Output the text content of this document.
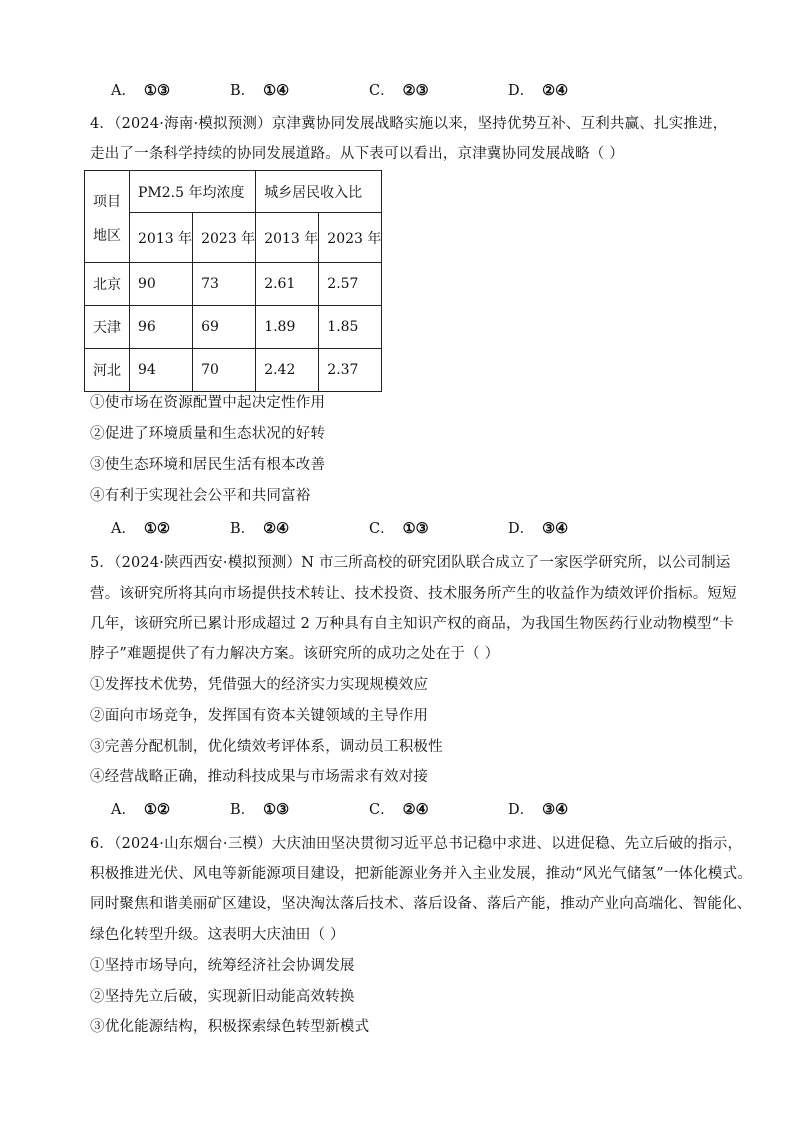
A． ①③	B． ①④	C． ②③	D． ②④
4．（2024·海南·模拟预测）京津冀协同发展战略实施以来，坚持优势互补、互利共赢、扎实推进，
走出了一条科学持续的协同发展道路。从下表可以看出，京津冀协同发展战略（ ）
项目
地区	PM2.5 年均浓度		城乡居民收入比	
	2013 年	2023 年	2013 年	2023 年
北京	90	73	2.61	2.57
天津	96	69	1.89	1.85
河北	94	70	2.42	2.37
①使市场在资源配置中起决定性作用
②促进了环境质量和生态状况的好转
③使生态环境和居民生活有根本改善
④有利于实现社会公平和共同富裕
A． ①②	B． ②④	C． ①③	D． ③④
5．（2024·陕西西安·模拟预测）N 市三所高校的研究团队联合成立了一家医学研究所，以公司制运
营。该研究所将其向市场提供技术转让、技术投资、技术服务所产生的收益作为绩效评价指标。短短
几年，该研究所已累计形成超过 2 万种具有自主知识产权的商品，为我国生物医药行业动物模型“卡
脖子”难题提供了有力解决方案。该研究所的成功之处在于（ ）
①发挥技术优势，凭借强大的经济实力实现规模效应
②面向市场竞争，发挥国有资本关键领域的主导作用
③完善分配机制，优化绩效考评体系，调动员工积极性
④经营战略正确，推动科技成果与市场需求有效对接
A． ①②	B． ①③	C． ②④	D． ③④
6．（2024·山东烟台·三模）大庆油田坚决贯彻习近平总书记稳中求进、以进促稳、先立后破的指示，
积极推进光伏、风电等新能源项目建设，把新能源业务并入主业发展，推动“风光气储氢”一体化模式。
同时聚焦和谐美丽矿区建设，坚决淘汰落后技术、落后设备、落后产能，推动产业向高端化、智能化、
绿色化转型升级。这表明大庆油田（ ）
①坚持市场导向，统筹经济社会协调发展
②坚持先立后破，实现新旧动能高效转换
③优化能源结构，积极探索绿色转型新模式
